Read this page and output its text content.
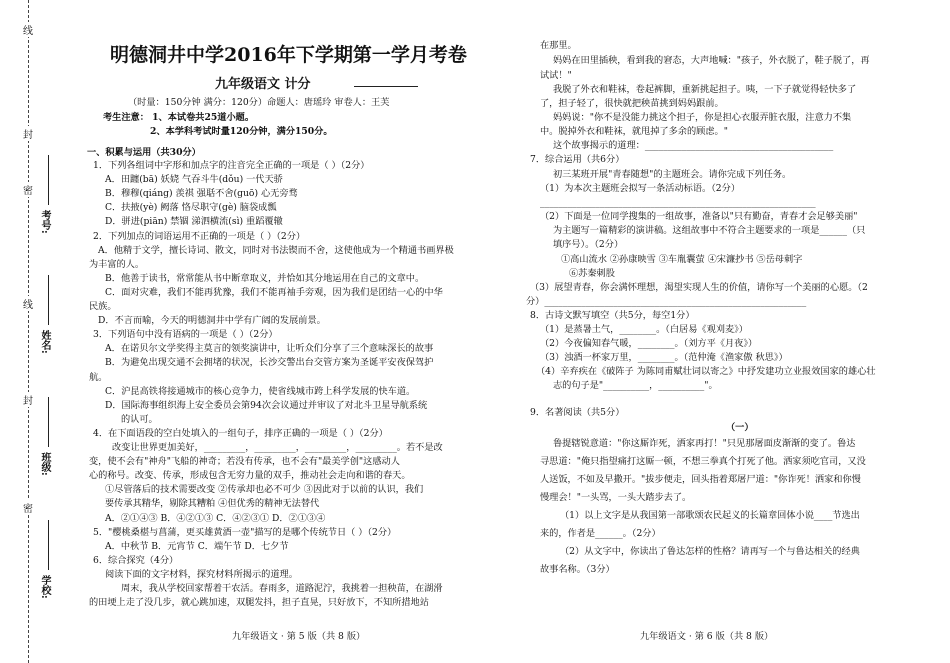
线
封
密
线
封
密
考号:
姓名:
班级:
学校:
明德洞井中学2016年下学期第一学月考卷
九年级语文 计分
（时量：150分钟 满分：120分）命题人：唐瑶玲 审卷人：王芙
考生注意： 1、本试卷共25道小题。
2、本学科考试时量120分钟，满分150分。
一、积累与运用（共30分）
1．下列各组词中字形和加点字的注音完全正确的一项是（ ）（2分）
A．田躔(bā) 妖娆 气吞斗牛(dǒu) 一代天骄
B．穆穆(qiáng) 羡祺 强聒不舍(guō) 心无旁骛
C．扶掖(yè) 阙落 恪尽职守(gè) 脑袋成瓢
D．骈进(piān) 禁锢 涕泗横流(sì) 重蹈覆辙
2．下列加点的词语运用不正确的一项是（ ）（2分）
A．他精于文学，擅长诗词、散文，同时对书法锲而不舍，这使他成为一个精通书画界极
为丰富的人。
B．他善于读书，常常能从书中断章取义，并恰如其分地运用在自己的文章中。
C．面对灾难，我们不能再犹豫，我们不能再袖手旁观，因为我们是团结一心的中华
民族。
D．不言而喻，今天的明德洞井中学有广阔的发展前景。
3．下列语句中没有语病的一项是（ ）（2分）
A．在诺贝尔文学奖得主莫言的领奖演讲中，让听众们分享了三个意味深长的故事
B．为避免出现交通不会拥堵的状况，长沙交警出台交管方案为圣诞平安夜保驾护
航。
C．沪昆高铁将接通城市的核心竞争力，使省线城市跨上科学发展的快车道。
D．国际海事组织海上安全委员会第94次会议通过并审议了对北斗卫星导航系统
的认可。
4．在下面语段的空白处填入的一组句子，排序正确的一项是（ ）（2分）
改变让世界更加美好，_________，_________，_________，_________。若不是改
变，使不会有"神舟"飞船的神奇；若没有传承，也不会有"最美学创"这感动人
心的称号。改变、传承，形成包含无穷力量的双手，推动社会走向和谐的春天。
①尽管落后的技术需要改变 ②传承却也必不可少 ③因此对于以前的认识，我们
要传承其精华，剔除其糟粕 ④但优秀的精神无法替代
A．②①④③ B．④②①③ C．④②③① D．②①③④
5．"樱桃桑椹与菖蒲，更买雄黄酒一壶"描写的是哪个传统节日（ ）（2分）
A．中秋节 B．元宵节 C．端午节 D．七夕节
6．综合探究（4分）
阅读下面的文字材料，探究材料所揭示的道理。
周末，我从学校回家帮着干农活。春雨多，道路泥泞，我挑着一担秧苗，在湖滑
的田埂上走了没几步，就心跳加速，双腿发抖，担子直晃，只好放下，不知所措地站
九年级语文 · 第 5 版（共 8 版）
在那里。
妈妈在田里插秧，看到我的窘态，大声地喊："孩子，外衣脱了，鞋子脱了，再
试试！"
我脱了外衣和鞋袜，卷起裤脚，重新挑起担子。咦，一下子就觉得轻快多了
了，担子轻了，很快就把秧苗挑到妈妈跟前。
妈妈说："你不是没能力挑这个担子，你是担心衣服弄脏衣服，注意力不集
中。脱掉外衣和鞋袜，就甩掉了多余的顾虑。"
这个故事揭示的道理：_________________________________________
7．综合运用（共6分）
初三某班开展"青春随想"的主题班会。请你完成下列任务。
（1）为本次主题班会拟写一条活动标语。（2分）
____________________________________________________________
（2）下面是一位同学搜集的一组故事，准备以"只有勤奋，青春才会足够美丽"
为主题写一篇精彩的演讲稿。这组故事中不符合主题要求的一项是______（只
填序号）。（2分）
①高山流水 ②孙康映雪 ③车胤囊萤 ④宋濂抄书 ⑤岳母刺字
⑥苏秦刺股
（3）展望青春，你会满怀理想，渴望实现人生的价值，请你写一个美丽的心愿。（2
分）_________________________________________________________
8．古诗文默写填空（共5分，每空1分）
（1）是蒸暑土气，________。（白居易《观刈麦》）
（2）今夜偏知春气暖，________。（刘方平《月夜》）
（3）浊酒一杯家万里，________。（范仲淹《渔家傲 秋思》）
（4）辛弃疾在《破阵子 为陈同甫赋壮词以寄之》中抒发建功立业报效国家的雄心壮
志的句子是"__________，__________"。
9．名著阅读（共5分）
（一）
鲁提辖锐意道："你这厮诈死，洒家再打！"只见那屠面皮渐渐的变了。鲁达
寻思道："俺只指望痛打这厮一顿，不想三拳真个打死了他。洒家须吃官司，又没
人送饭，不如及早撒开。"拔步便走，回头指着郑屠尸道："你诈死！洒家和你慢
慢理会！"一头骂，一头大踏步去了。
（1）以上文字是从我国第一部歌颂农民起义的长篇章回体小说____节选出
来的，作者是______。（2分）
（2）从文字中，你读出了鲁达怎样的性格？请再写一个与鲁达相关的经典
故事名称。（3分）
九年级语文 · 第 6 版（共 8 版）
